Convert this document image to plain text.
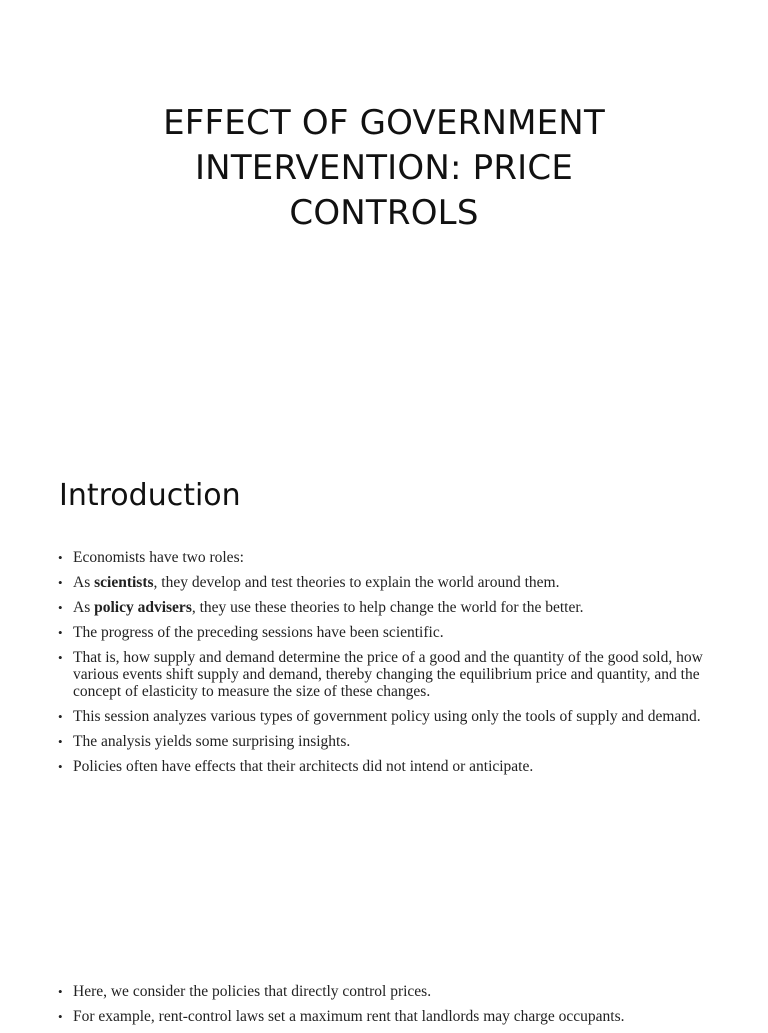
EFFECT OF GOVERNMENT
INTERVENTION: PRICE
CONTROLS
Introduction
• Economists have two roles:
• As scientists, they develop and test theories to explain the world around them.
• As policy advisers, they use these theories to help change the world for the better.
• The progress of the preceding sessions have been scientific.
• That is, how supply and demand determine the price of a good and the quantity of the good sold, how various events shift supply and demand, thereby changing the equilibrium price and quantity, and the concept of elasticity to measure the size of these changes.
• This session analyzes various types of government policy using only the tools of supply and demand.
• The analysis yields some surprising insights.
• Policies often have effects that their architects did not intend or anticipate.
• Here, we consider the policies that directly control prices.
• For example, rent-control laws set a maximum rent that landlords may charge occupants.
